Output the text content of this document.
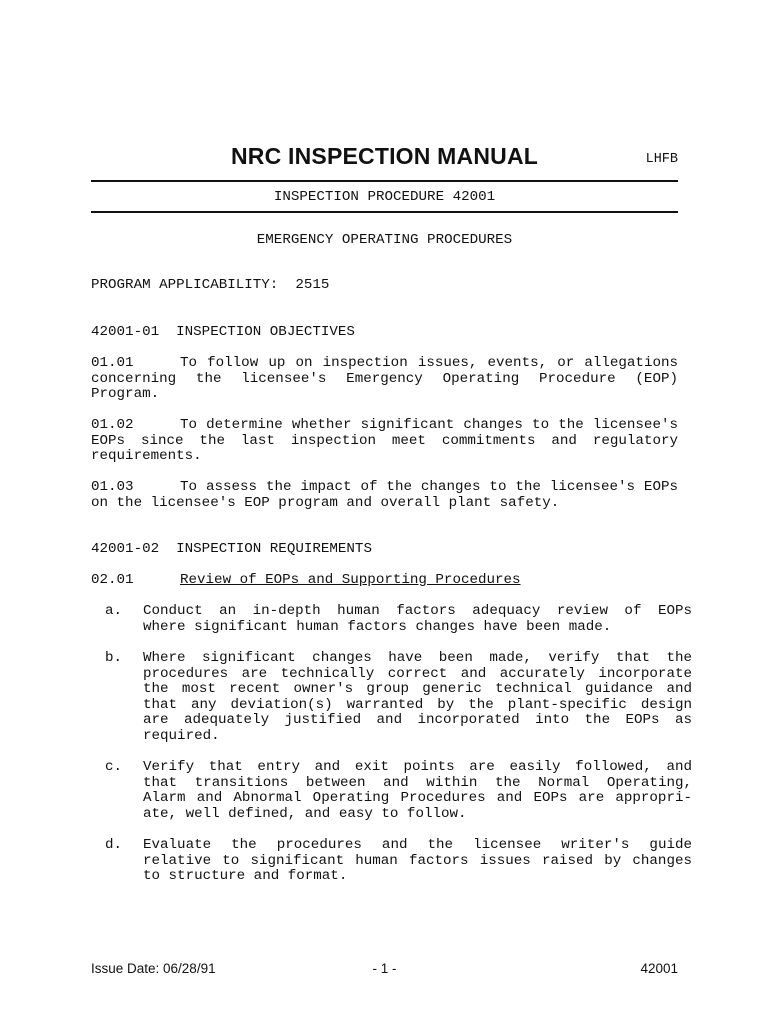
NRC INSPECTION MANUAL	LHFB
INSPECTION PROCEDURE 42001
EMERGENCY OPERATING PROCEDURES
PROGRAM APPLICABILITY:  2515
42001-01  INSPECTION OBJECTIVES
01.01	To follow up on inspection issues, events, or allegations
concerning the licensee's Emergency Operating Procedure (EOP)
Program.
01.02	To determine whether significant changes to the licensee's
EOPs since the last inspection meet commitments and regulatory
requirements.
01.03	To assess the impact of the changes to the licensee's EOPs
on the licensee's EOP program and overall plant safety.
42001-02  INSPECTION REQUIREMENTS
02.01	Review of EOPs and Supporting Procedures
a. Conduct an in-depth human factors adequacy review of EOPs
where significant human factors changes have been made.
b. Where significant changes have been made, verify that the
procedures are technically correct and accurately incorporate
the most recent owner's group generic technical guidance and
that any deviation(s) warranted by the plant-specific design
are adequately justified and incorporated into the EOPs as
required.
c. Verify that entry and exit points are easily followed, and
that transitions between and within the Normal Operating,
Alarm and Abnormal Operating Procedures and EOPs are appropri-
ate, well defined, and easy to follow.
d. Evaluate the procedures and the licensee writer's guide
relative to significant human factors issues raised by changes
to structure and format.
Issue Date: 06/28/91	- 1 -	42001
